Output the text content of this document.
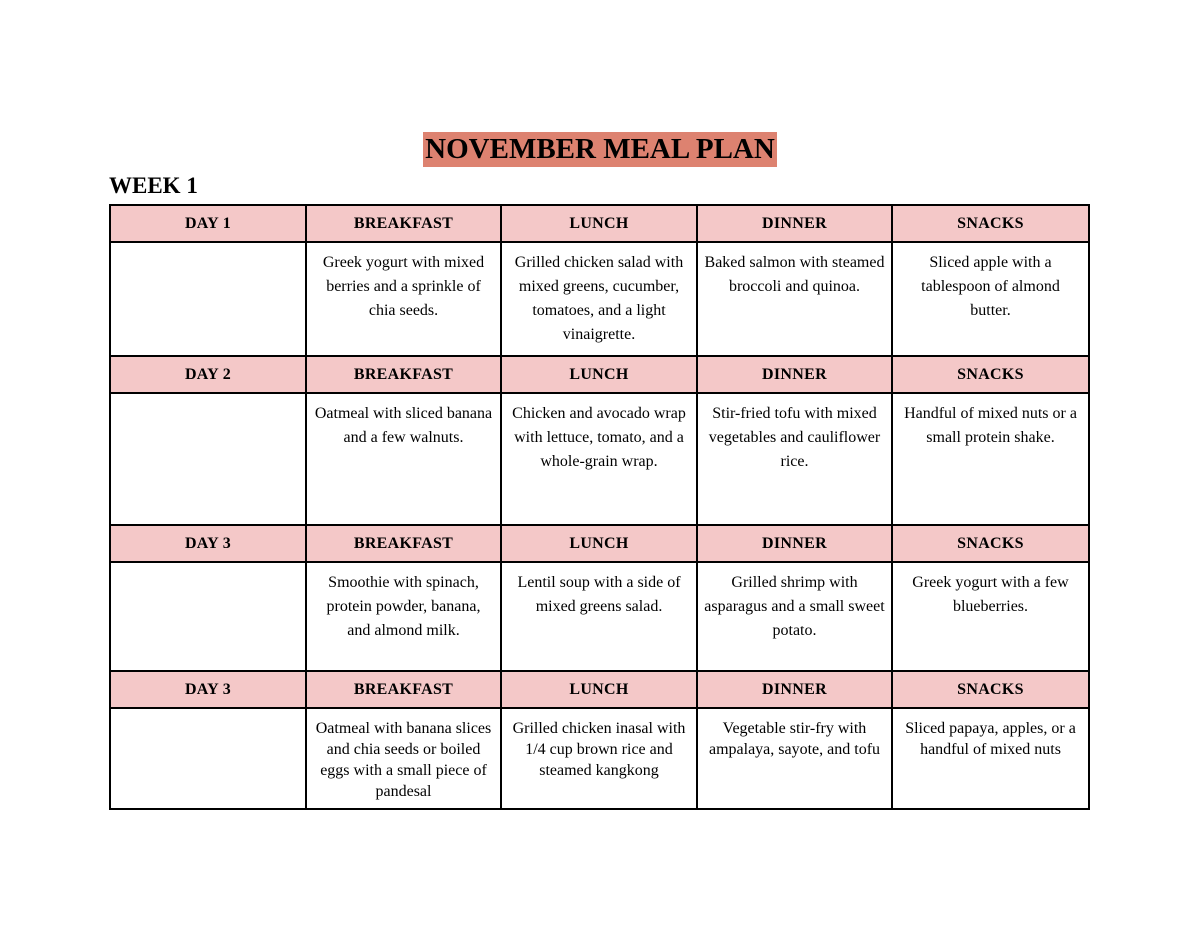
NOVEMBER MEAL PLAN
WEEK 1
DAY 1	BREAKFAST	LUNCH	DINNER	SNACKS
	Greek yogurt with mixed berries and a sprinkle of chia seeds.	Grilled chicken salad with mixed greens, cucumber, tomatoes, and a light vinaigrette.	Baked salmon with steamed broccoli and quinoa.	Sliced apple with a tablespoon of almond butter.
DAY 2	BREAKFAST	LUNCH	DINNER	SNACKS
	Oatmeal with sliced banana and a few walnuts.	Chicken and avocado wrap with lettuce, tomato, and a whole-grain wrap.	Stir-fried tofu with mixed vegetables and cauliflower rice.	Handful of mixed nuts or a small protein shake.
DAY 3	BREAKFAST	LUNCH	DINNER	SNACKS
	Smoothie with spinach, protein powder, banana, and almond milk.	Lentil soup with a side of mixed greens salad.	Grilled shrimp with asparagus and a small sweet potato.	Greek yogurt with a few blueberries.
DAY 3	BREAKFAST	LUNCH	DINNER	SNACKS
	Oatmeal with banana slices and chia seeds or boiled eggs with a small piece of pandesal	Grilled chicken inasal with 1/4 cup brown rice and steamed kangkong	Vegetable stir-fry with ampalaya, sayote, and tofu	Sliced papaya, apples, or a handful of mixed nuts
